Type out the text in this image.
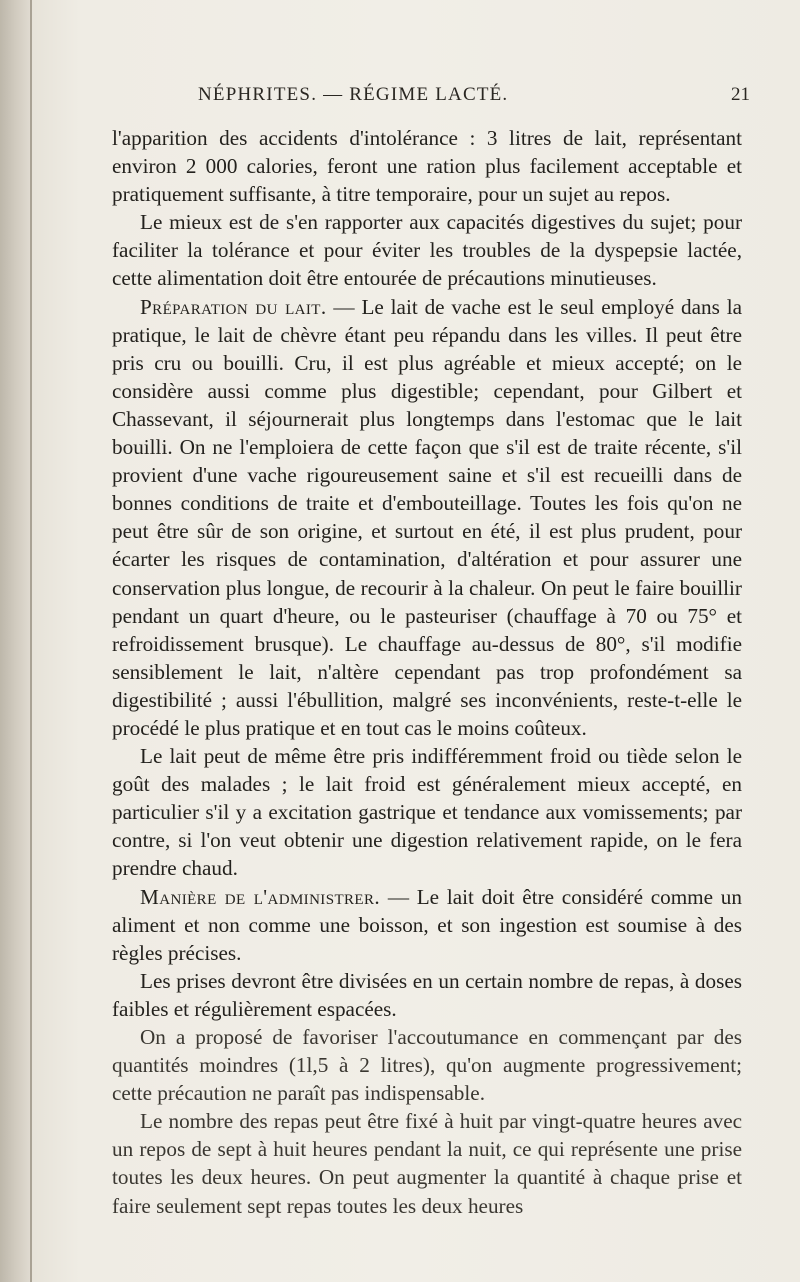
NÉPHRITES. — RÉGIME LACTÉ.	21

l'apparition des accidents d'intolérance : 3 litres de lait, représentant environ 2 000 calories, feront une ration plus facilement acceptable et pratiquement suffisante, à titre temporaire, pour un sujet au repos.

Le mieux est de s'en rapporter aux capacités digestives du sujet; pour faciliter la tolérance et pour éviter les troubles de la dyspepsie lactée, cette alimentation doit être entourée de précautions minutieuses.

Préparation du lait. — Le lait de vache est le seul employé dans la pratique, le lait de chèvre étant peu répandu dans les villes. Il peut être pris cru ou bouilli. Cru, il est plus agréable et mieux accepté; on le considère aussi comme plus digestible; cependant, pour Gilbert et Chassevant, il séjournerait plus longtemps dans l'estomac que le lait bouilli. On ne l'emploiera de cette façon que s'il est de traite récente, s'il provient d'une vache rigoureusement saine et s'il est recueilli dans de bonnes conditions de traite et d'embouteillage. Toutes les fois qu'on ne peut être sûr de son origine, et surtout en été, il est plus prudent, pour écarter les risques de contamination, d'altération et pour assurer une conservation plus longue, de recourir à la chaleur. On peut le faire bouillir pendant un quart d'heure, ou le pasteuriser (chauffage à 70 ou 75° et refroidissement brusque). Le chauffage au-dessus de 80°, s'il modifie sensiblement le lait, n'altère cependant pas trop profondément sa digestibilité ; aussi l'ébullition, malgré ses inconvénients, reste-t-elle le procédé le plus pratique et en tout cas le moins coûteux.

Le lait peut de même être pris indifféremment froid ou tiède selon le goût des malades ; le lait froid est généralement mieux accepté, en particulier s'il y a excitation gastrique et tendance aux vomissements; par contre, si l'on veut obtenir une digestion relativement rapide, on le fera prendre chaud.

Manière de l'administrer. — Le lait doit être considéré comme un aliment et non comme une boisson, et son ingestion est soumise à des règles précises.

Les prises devront être divisées en un certain nombre de repas, à doses faibles et régulièrement espacées.

On a proposé de favoriser l'accoutumance en commençant par des quantités moindres (1l,5 à 2 litres), qu'on augmente progressivement; cette précaution ne paraît pas indispensable.

Le nombre des repas peut être fixé à huit par vingt-quatre heures avec un repos de sept à huit heures pendant la nuit, ce qui représente une prise toutes les deux heures. On peut augmenter la quantité à chaque prise et faire seulement sept repas toutes les deux heures
